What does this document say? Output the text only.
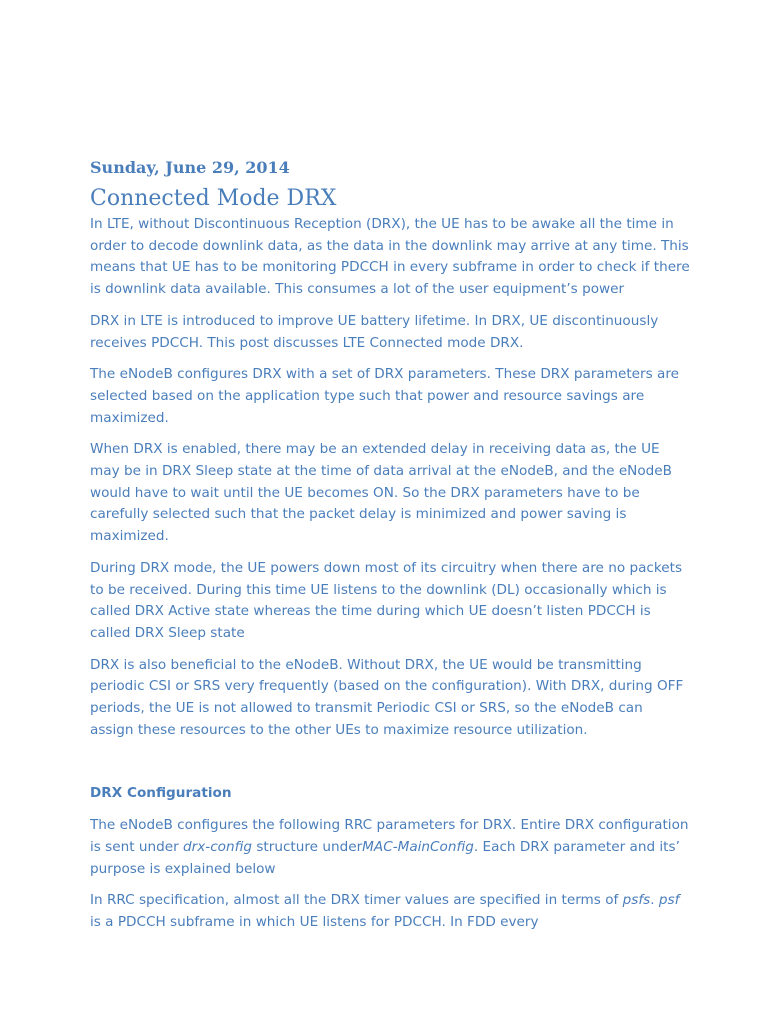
Sunday, June 29, 2014
Connected Mode DRX

In LTE, without Discontinuous Reception (DRX), the UE has to be awake all the time in order to decode downlink data, as the data in the downlink may arrive at any time. This means that UE has to be monitoring PDCCH in every subframe in order to check if there is downlink data available. This consumes a lot of the user equipment’s power

DRX in LTE is introduced to improve UE battery lifetime. In DRX, UE discontinuously receives PDCCH. This post discusses LTE Connected mode DRX.

The eNodeB configures DRX with a set of DRX parameters. These DRX parameters are selected based on the application type such that power and resource savings are maximized.

When DRX is enabled, there may be an extended delay in receiving data as, the UE may be in DRX Sleep state at the time of data arrival at the eNodeB, and the eNodeB would have to wait until the UE becomes ON. So the DRX parameters have to be carefully selected such that the packet delay is minimized and power saving is maximized.

During DRX mode, the UE powers down most of its circuitry when there are no packets to be received. During this time UE listens to the downlink (DL) occasionally which is called DRX Active state whereas the time during which UE doesn’t listen PDCCH is called DRX Sleep state

DRX is also beneficial to the eNodeB. Without DRX, the UE would be transmitting periodic CSI or SRS very frequently (based on the configuration). With DRX, during OFF periods, the UE is not allowed to transmit Periodic CSI or SRS, so the eNodeB can assign these resources to the other UEs to maximize resource utilization.

DRX Configuration

The eNodeB configures the following RRC parameters for DRX. Entire DRX configuration is sent under drx-config structure underMAC-MainConfig. Each DRX parameter and its’ purpose is explained below

In RRC specification, almost all the DRX timer values are specified in terms of psfs. psf is a PDCCH subframe in which UE listens for PDCCH. In FDD every
